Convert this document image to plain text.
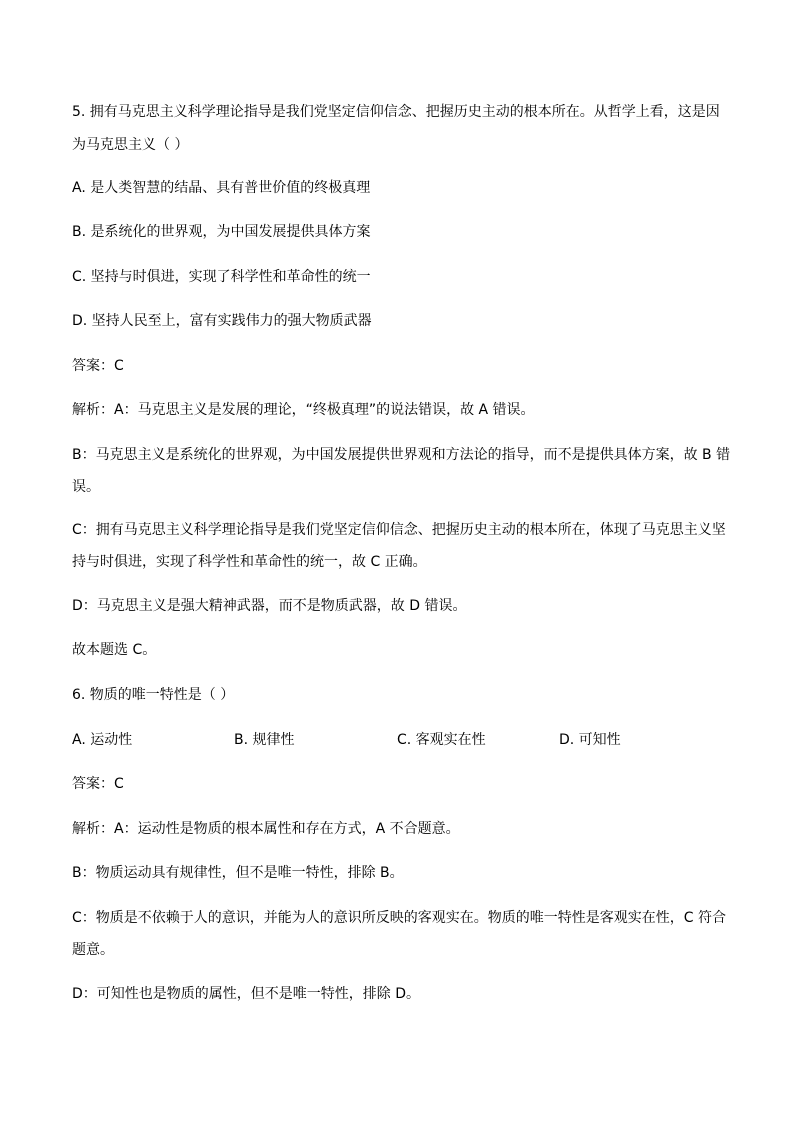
5. 拥有马克思主义科学理论指导是我们党坚定信仰信念、把握历史主动的根本所在。从哲学上看，这是因
为马克思主义（ ）
A. 是人类智慧的结晶、具有普世价值的终极真理
B. 是系统化的世界观，为中国发展提供具体方案
C. 坚持与时俱进，实现了科学性和革命性的统一
D. 坚持人民至上，富有实践伟力的强大物质武器
答案：C
解析：A：马克思主义是发展的理论，“终极真理”的说法错误，故 A 错误。
B：马克思主义是系统化的世界观，为中国发展提供世界观和方法论的指导，而不是提供具体方案，故 B 错
误。
C：拥有马克思主义科学理论指导是我们党坚定信仰信念、把握历史主动的根本所在，体现了马克思主义坚
持与时俱进，实现了科学性和革命性的统一，故 C 正确。
D：马克思主义是强大精神武器，而不是物质武器，故 D 错误。
故本题选 C。
6. 物质的唯一特性是（ ）
A. 运动性	B. 规律性	C. 客观实在性	D. 可知性
答案：C
解析：A：运动性是物质的根本属性和存在方式，A 不合题意。
B：物质运动具有规律性，但不是唯一特性，排除 B。
C：物质是不依赖于人的意识，并能为人的意识所反映的客观实在。物质的唯一特性是客观实在性，C 符合
题意。
D：可知性也是物质的属性，但不是唯一特性，排除 D。
